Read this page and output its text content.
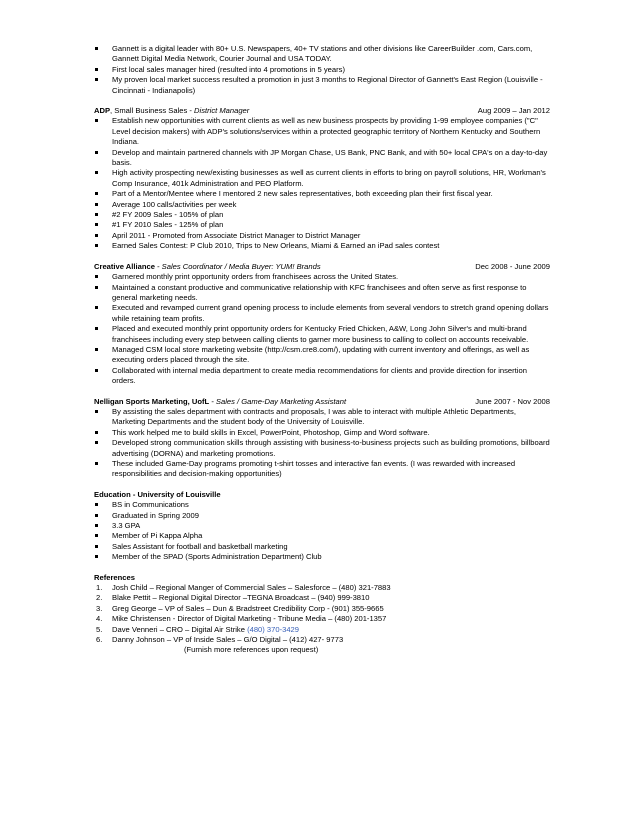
Gannett is a digital leader with 80+ U.S. Newspapers, 40+ TV stations and other divisions like CareerBuilder .com, Cars.com, Gannett Digital Media Network, Courier Journal and USA TODAY.
First local sales manager hired (resulted into 4 promotions in 5 years)
My proven local market success resulted a promotion in just 3 months to Regional Director of Gannett's East Region (Louisville - Cincinnati - Indianapolis)
ADP, Small Business Sales - District Manager	Aug 2009 – Jan 2012
Establish new opportunities with current clients as well as new business prospects by providing 1-99 employee companies ("C" Level decision makers) with ADP's solutions/services within a protected geographic territory of Northern Kentucky and Southern Indiana.
Develop and maintain partnered channels with JP Morgan Chase, US Bank, PNC Bank, and with 50+ local CPA's on a day-to-day basis.
High activity prospecting new/existing businesses as well as current clients in efforts to bring on payroll solutions, HR, Workman's Comp Insurance, 401k Administration and PEO Platform.
Part of a Mentor/Mentee where I mentored 2 new sales representatives, both exceeding plan their first fiscal year.
Average 100 calls/activities per week
#2 FY 2009 Sales - 105% of plan
#1 FY 2010 Sales - 125% of plan
April 2011 - Promoted from Associate District Manager to District Manager
Earned Sales Contest: P Club 2010, Trips to New Orleans, Miami & Earned an iPad sales contest
Creative Alliance - Sales Coordinator / Media Buyer: YUM! Brands	Dec 2008 - June 2009
Garnered monthly print opportunity orders from franchisees across the United States.
Maintained a constant productive and communicative relationship with KFC franchisees and often serve as first response to general marketing needs.
Executed and revamped current grand opening process to include elements from several vendors to stretch grand opening dollars while retaining team profits.
Placed and executed monthly print opportunity orders for Kentucky Fried Chicken, A&W, Long John Silver's and multi-brand franchisees including every step between calling clients to garner more business to calling to collect on accounts receivable.
Managed CSM local store marketing website (http://csm.cre8.com/), updating with current inventory and offerings, as well as executing orders placed through the site.
Collaborated with internal media department to create media recommendations for clients and provide direction for insertion orders.
Nelligan Sports Marketing, UofL - Sales / Game-Day Marketing Assistant	June 2007 - Nov 2008
By assisting the sales department with contracts and proposals, I was able to interact with multiple Athletic Departments, Marketing Departments and the student body of the University of Louisville.
This work helped me to build skills in Excel, PowerPoint, Photoshop, Gimp and Word software.
Developed strong communication skills through assisting with business-to-business projects such as building promotions, billboard advertising (DORNA) and marketing promotions.
These included Game-Day programs promoting t-shirt tosses and interactive fan events. (I was rewarded with increased responsibilities and decision-making opportunities)
Education - University of Louisville
BS in Communications
Graduated in Spring 2009
3.3 GPA
Member of Pi Kappa Alpha
Sales Assistant for football and basketball marketing
Member of the SPAD (Sports Administration Department) Club
References
1.	Josh Child – Regional Manger of Commercial Sales – Salesforce – (480) 321-7883
2.	Blake Pettit – Regional Digital Director –TEGNA Broadcast – (940) 999-3810
3.	Greg George – VP of Sales – Dun & Bradstreet Credibility Corp - (901) 355-9665
4.	Mike Christensen - Director of Digital Marketing - Tribune Media – (480) 201-1357
5.	Dave Venneri – CRO – Digital Air Strike (480) 370-3429
6.	Danny Johnson – VP of Inside Sales – G/O Digital – (412) 427- 9773
(Furnish more references upon request)
